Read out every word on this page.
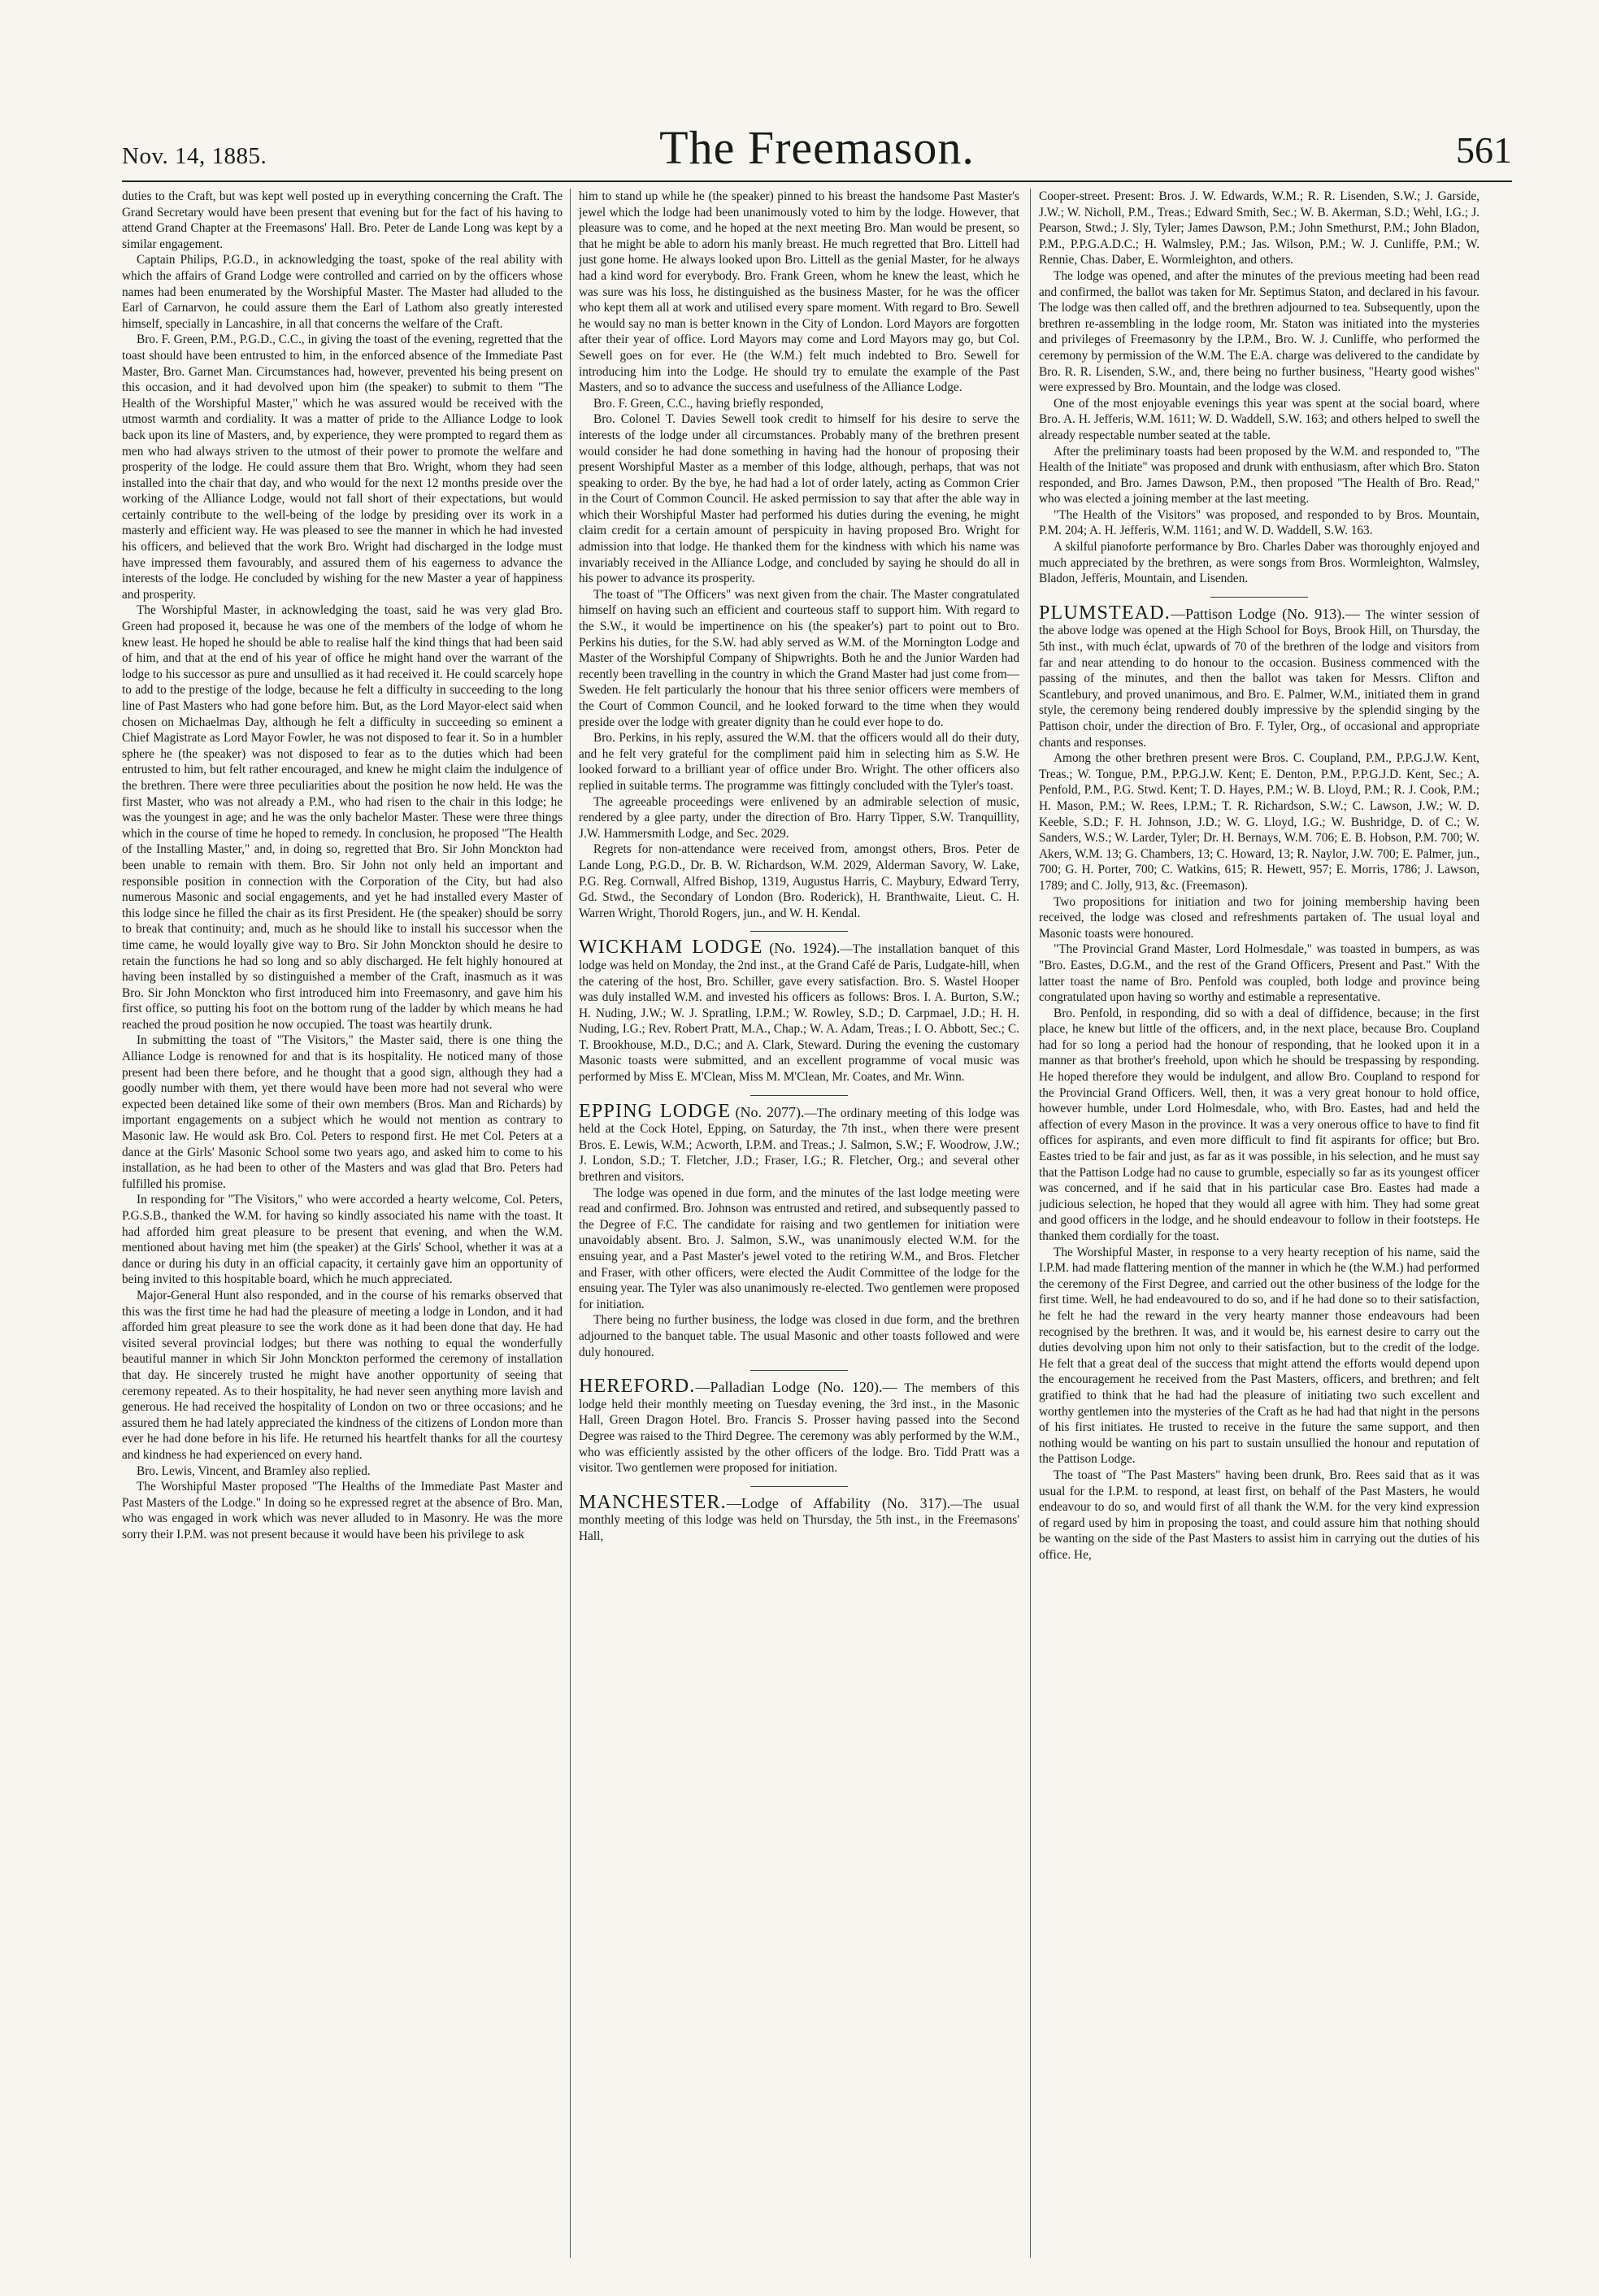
Nov. 14, 1885.	The Freemason.	561

duties to the Craft, but was kept well posted up in everything concerning the Craft. The Grand Secretary would have been present that evening but for the fact of his having to attend Grand Chapter at the Freemasons' Hall. Bro. Peter de Lande Long was kept by a similar engagement.

Captain Philips, P.G.D., in acknowledging the toast, spoke of the real ability with which the affairs of Grand Lodge were controlled and carried on by the officers whose names had been enumerated by the Worshipful Master. The Master had alluded to the Earl of Carnarvon, he could assure them the Earl of Lathom also greatly interested himself, specially in Lancashire, in all that concerns the welfare of the Craft.

Bro. F. Green, P.M., P.G.D., C.C., in giving the toast of the evening, regretted that the toast should have been entrusted to him, in the enforced absence of the Immediate Past Master, Bro. Garnet Man. Circumstances had, however, prevented his being present on this occasion, and it had devolved upon him (the speaker) to submit to them "The Health of the Worshipful Master," which he was assured would be received with the utmost warmth and cordiality. It was a matter of pride to the Alliance Lodge to look back upon its line of Masters, and, by experience, they were prompted to regard them as men who had always striven to the utmost of their power to promote the welfare and prosperity of the lodge. He could assure them that Bro. Wright, whom they had seen installed into the chair that day, and who would for the next 12 months preside over the working of the Alliance Lodge, would not fall short of their expectations, but would certainly contribute to the well-being of the lodge by presiding over its work in a masterly and efficient way. He was pleased to see the manner in which he had invested his officers, and believed that the work Bro. Wright had discharged in the lodge must have impressed them favourably, and assured them of his eagerness to advance the interests of the lodge. He concluded by wishing for the new Master a year of happiness and prosperity.

The Worshipful Master, in acknowledging the toast, said he was very glad Bro. Green had proposed it, because he was one of the members of the lodge of whom he knew least. He hoped he should be able to realise half the kind things that had been said of him, and that at the end of his year of office he might hand over the warrant of the lodge to his successor as pure and unsullied as it had received it. He could scarcely hope to add to the prestige of the lodge, because he felt a difficulty in succeeding to the long line of Past Masters who had gone before him. But, as the Lord Mayor-elect said when chosen on Michaelmas Day, although he felt a difficulty in succeeding so eminent a Chief Magistrate as Lord Mayor Fowler, he was not disposed to fear it. So in a humbler sphere he (the speaker) was not disposed to fear as to the duties which had been entrusted to him, but felt rather encouraged, and knew he might claim the indulgence of the brethren. There were three peculiarities about the position he now held. He was the first Master, who was not already a P.M., who had risen to the chair in this lodge; he was the youngest in age; and he was the only bachelor Master. These were three things which in the course of time he hoped to remedy. In conclusion, he proposed "The Health of the Installing Master," and, in doing so, regretted that Bro. Sir John Monckton had been unable to remain with them. Bro. Sir John not only held an important and responsible position in connection with the Corporation of the City, but had also numerous Masonic and social engagements, and yet he had installed every Master of this lodge since he filled the chair as its first President. He (the speaker) should be sorry to break that continuity; and, much as he should like to install his successor when the time came, he would loyally give way to Bro. Sir John Monckton should he desire to retain the functions he had so long and so ably discharged. He felt highly honoured at having been installed by so distinguished a member of the Craft, inasmuch as it was Bro. Sir John Monckton who first introduced him into Freemasonry, and gave him his first office, so putting his foot on the bottom rung of the ladder by which means he had reached the proud position he now occupied. The toast was heartily drunk.

In submitting the toast of "The Visitors," the Master said, there is one thing the Alliance Lodge is renowned for and that is its hospitality. He noticed many of those present had been there before, and he thought that a good sign, although they had a goodly number with them, yet there would have been more had not several who were expected been detained like some of their own members (Bros. Man and Richards) by important engagements on a subject which he would not mention as contrary to Masonic law. He would ask Bro. Col. Peters to respond first. He met Col. Peters at a dance at the Girls' Masonic School some two years ago, and asked him to come to his installation, as he had been to other of the Masters and was glad that Bro. Peters had fulfilled his promise.

In responding for "The Visitors," who were accorded a hearty welcome, Col. Peters, P.G.S.B., thanked the W.M. for having so kindly associated his name with the toast. It had afforded him great pleasure to be present that evening, and when the W.M. mentioned about having met him (the speaker) at the Girls' School, whether it was at a dance or during his duty in an official capacity, it certainly gave him an opportunity of being invited to this hospitable board, which he much appreciated.

Major-General Hunt also responded, and in the course of his remarks observed that this was the first time he had had the pleasure of meeting a lodge in London, and it had afforded him great pleasure to see the work done as it had been done that day. He had visited several provincial lodges; but there was nothing to equal the wonderfully beautiful manner in which Sir John Monckton performed the ceremony of installation that day. He sincerely trusted he might have another opportunity of seeing that ceremony repeated. As to their hospitality, he had never seen anything more lavish and generous. He had received the hospitality of London on two or three occasions; and he assured them he had lately appreciated the kindness of the citizens of London more than ever he had done before in his life. He returned his heartfelt thanks for all the courtesy and kindness he had experienced on every hand.

Bro. Lewis, Vincent, and Bramley also replied.

The Worshipful Master proposed "The Healths of the Immediate Past Master and Past Masters of the Lodge." In doing so he expressed regret at the absence of Bro. Man, who was engaged in work which was never alluded to in Masonry. He was the more sorry their I.P.M. was not present because it would have been his privilege to ask

him to stand up while he (the speaker) pinned to his breast the handsome Past Master's jewel which the lodge had been unanimously voted to him by the lodge. However, that pleasure was to come, and he hoped at the next meeting Bro. Man would be present, so that he might be able to adorn his manly breast. He much regretted that Bro. Littell had just gone home. He always looked upon Bro. Littell as the genial Master, for he always had a kind word for everybody. Bro. Frank Green, whom he knew the least, which he was sure was his loss, he distinguished as the business Master, for he was the officer who kept them all at work and utilised every spare moment. With regard to Bro. Sewell he would say no man is better known in the City of London. Lord Mayors are forgotten after their year of office. Lord Mayors may come and Lord Mayors may go, but Col. Sewell goes on for ever. He (the W.M.) felt much indebted to Bro. Sewell for introducing him into the Lodge. He should try to emulate the example of the Past Masters, and so to advance the success and usefulness of the Alliance Lodge.

Bro. F. Green, C.C., having briefly responded,

Bro. Colonel T. Davies Sewell took credit to himself for his desire to serve the interests of the lodge under all circumstances. Probably many of the brethren present would consider he had done something in having had the honour of proposing their present Worshipful Master as a member of this lodge, although, perhaps, that was not speaking to order. By the bye, he had had a lot of order lately, acting as Common Crier in the Court of Common Council. He asked permission to say that after the able way in which their Worshipful Master had performed his duties during the evening, he might claim credit for a certain amount of perspicuity in having proposed Bro. Wright for admission into that lodge. He thanked them for the kindness with which his name was invariably received in the Alliance Lodge, and concluded by saying he should do all in his power to advance its prosperity.

The toast of "The Officers" was next given from the chair. The Master congratulated himself on having such an efficient and courteous staff to support him. With regard to the S.W., it would be impertinence on his (the speaker's) part to point out to Bro. Perkins his duties, for the S.W. had ably served as W.M. of the Mornington Lodge and Master of the Worshipful Company of Shipwrights. Both he and the Junior Warden had recently been travelling in the country in which the Grand Master had just come from—Sweden. He felt particularly the honour that his three senior officers were members of the Court of Common Council, and he looked forward to the time when they would preside over the lodge with greater dignity than he could ever hope to do.

Bro. Perkins, in his reply, assured the W.M. that the officers would all do their duty, and he felt very grateful for the compliment paid him in selecting him as S.W. He looked forward to a brilliant year of office under Bro. Wright. The other officers also replied in suitable terms. The programme was fittingly concluded with the Tyler's toast.

The agreeable proceedings were enlivened by an admirable selection of music, rendered by a glee party, under the direction of Bro. Harry Tipper, S.W. Tranquillity, J.W. Hammersmith Lodge, and Sec. 2029.

Regrets for non-attendance were received from, amongst others, Bros. Peter de Lande Long, P.G.D., Dr. B. W. Richardson, W.M. 2029, Alderman Savory, W. Lake, P.G. Reg. Cornwall, Alfred Bishop, 1319, Augustus Harris, C. Maybury, Edward Terry, Gd. Stwd., the Secondary of London (Bro. Roderick), H. Branthwaite, Lieut. C. H. Warren Wright, Thorold Rogers, jun., and W. H. Kendal.

WICKHAM LODGE (No. 1924).—The installation banquet of this lodge was held on Monday, the 2nd inst., at the Grand Café de Paris, Ludgate-hill, when the catering of the host, Bro. Schiller, gave every satisfaction. Bro. S. Wastel Hooper was duly installed W.M. and invested his officers as follows: Bros. I. A. Burton, S.W.; H. Nuding, J.W.; W. J. Spratling, I.P.M.; W. Rowley, S.D.; D. Carpmael, J.D.; H. H. Nuding, I.G.; Rev. Robert Pratt, M.A., Chap.; W. A. Adam, Treas.; I. O. Abbott, Sec.; C. T. Brookhouse, M.D., D.C.; and A. Clark, Steward. During the evening the customary Masonic toasts were submitted, and an excellent programme of vocal music was performed by Miss E. M'Clean, Miss M. M'Clean, Mr. Coates, and Mr. Winn.

EPPING LODGE (No. 2077).—The ordinary meeting of this lodge was held at the Cock Hotel, Epping, on Saturday, the 7th inst., when there were present Bros. E. Lewis, W.M.; Acworth, I.P.M. and Treas.; J. Salmon, S.W.; F. Woodrow, J.W.; J. London, S.D.; T. Fletcher, J.D.; Fraser, I.G.; R. Fletcher, Org.; and several other brethren and visitors.

The lodge was opened in due form, and the minutes of the last lodge meeting were read and confirmed. Bro. Johnson was entrusted and retired, and subsequently passed to the Degree of F.C. The candidate for raising and two gentlemen for initiation were unavoidably absent. Bro. J. Salmon, S.W., was unanimously elected W.M. for the ensuing year, and a Past Master's jewel voted to the retiring W.M., and Bros. Fletcher and Fraser, with other officers, were elected the Audit Committee of the lodge for the ensuing year. The Tyler was also unanimously re-elected. Two gentlemen were proposed for initiation.

There being no further business, the lodge was closed in due form, and the brethren adjourned to the banquet table. The usual Masonic and other toasts followed and were duly honoured.

HEREFORD.—Palladian Lodge (No. 120).— The members of this lodge held their monthly meeting on Tuesday evening, the 3rd inst., in the Masonic Hall, Green Dragon Hotel. Bro. Francis S. Prosser having passed into the Second Degree was raised to the Third Degree. The ceremony was ably performed by the W.M., who was efficiently assisted by the other officers of the lodge. Bro. Tidd Pratt was a visitor. Two gentlemen were proposed for initiation.

MANCHESTER.—Lodge of Affability (No. 317).—The usual monthly meeting of this lodge was held on Thursday, the 5th inst., in the Freemasons' Hall,

Cooper-street. Present: Bros. J. W. Edwards, W.M.; R. R. Lisenden, S.W.; J. Garside, J.W.; W. Nicholl, P.M., Treas.; Edward Smith, Sec.; W. B. Akerman, S.D.; Wehl, I.G.; J. Pearson, Stwd.; J. Sly, Tyler; James Dawson, P.M.; John Smethurst, P.M.; John Bladon, P.M., P.P.G.A.D.C.; H. Walmsley, P.M.; Jas. Wilson, P.M.; W. J. Cunliffe, P.M.; W. Rennie, Chas. Daber, E. Wormleighton, and others.

The lodge was opened, and after the minutes of the previous meeting had been read and confirmed, the ballot was taken for Mr. Septimus Staton, and declared in his favour. The lodge was then called off, and the brethren adjourned to tea. Subsequently, upon the brethren re-assembling in the lodge room, Mr. Staton was initiated into the mysteries and privileges of Freemasonry by the I.P.M., Bro. W. J. Cunliffe, who performed the ceremony by permission of the W.M. The E.A. charge was delivered to the candidate by Bro. R. R. Lisenden, S.W., and, there being no further business, "Hearty good wishes" were expressed by Bro. Mountain, and the lodge was closed.

One of the most enjoyable evenings this year was spent at the social board, where Bro. A. H. Jefferis, W.M. 1611; W. D. Waddell, S.W. 163; and others helped to swell the already respectable number seated at the table.

After the preliminary toasts had been proposed by the W.M. and responded to, "The Health of the Initiate" was proposed and drunk with enthusiasm, after which Bro. Staton responded, and Bro. James Dawson, P.M., then proposed "The Health of Bro. Read," who was elected a joining member at the last meeting.

"The Health of the Visitors" was proposed, and responded to by Bros. Mountain, P.M. 204; A. H. Jefferis, W.M. 1161; and W. D. Waddell, S.W. 163.

A skilful pianoforte performance by Bro. Charles Daber was thoroughly enjoyed and much appreciated by the brethren, as were songs from Bros. Wormleighton, Walmsley, Bladon, Jefferis, Mountain, and Lisenden.

PLUMSTEAD.—Pattison Lodge (No. 913).— The winter session of the above lodge was opened at the High School for Boys, Brook Hill, on Thursday, the 5th inst., with much éclat, upwards of 70 of the brethren of the lodge and visitors from far and near attending to do honour to the occasion. Business commenced with the passing of the minutes, and then the ballot was taken for Messrs. Clifton and Scantlebury, and proved unanimous, and Bro. E. Palmer, W.M., initiated them in grand style, the ceremony being rendered doubly impressive by the splendid singing by the Pattison choir, under the direction of Bro. F. Tyler, Org., of occasional and appropriate chants and responses.

Among the other brethren present were Bros. C. Coupland, P.M., P.P.G.J.W. Kent, Treas.; W. Tongue, P.M., P.P.G.J.W. Kent; E. Denton, P.M., P.P.G.J.D. Kent, Sec.; A. Penfold, P.M., P.G. Stwd. Kent; T. D. Hayes, P.M.; W. B. Lloyd, P.M.; R. J. Cook, P.M.; H. Mason, P.M.; W. Rees, I.P.M.; T. R. Richardson, S.W.; C. Lawson, J.W.; W. D. Keeble, S.D.; F. H. Johnson, J.D.; W. G. Lloyd, I.G.; W. Bushridge, D. of C.; W. Sanders, W.S.; W. Larder, Tyler; Dr. H. Bernays, W.M. 706; E. B. Hobson, P.M. 700; W. Akers, W.M. 13; G. Chambers, 13; C. Howard, 13; R. Naylor, J.W. 700; E. Palmer, jun., 700; G. H. Porter, 700; C. Watkins, 615; R. Hewett, 957; E. Morris, 1786; J. Lawson, 1789; and C. Jolly, 913, &c. (Freemason).

Two propositions for initiation and two for joining membership having been received, the lodge was closed and refreshments partaken of. The usual loyal and Masonic toasts were honoured.

"The Provincial Grand Master, Lord Holmesdale," was toasted in bumpers, as was "Bro. Eastes, D.G.M., and the rest of the Grand Officers, Present and Past." With the latter toast the name of Bro. Penfold was coupled, both lodge and province being congratulated upon having so worthy and estimable a representative.

Bro. Penfold, in responding, did so with a deal of diffidence, because; in the first place, he knew but little of the officers, and, in the next place, because Bro. Coupland had for so long a period had the honour of responding, that he looked upon it in a manner as that brother's freehold, upon which he should be trespassing by responding. He hoped therefore they would be indulgent, and allow Bro. Coupland to respond for the Provincial Grand Officers. Well, then, it was a very great honour to hold office, however humble, under Lord Holmesdale, who, with Bro. Eastes, had and held the affection of every Mason in the province. It was a very onerous office to have to find fit offices for aspirants, and even more difficult to find fit aspirants for office; but Bro. Eastes tried to be fair and just, as far as it was possible, in his selection, and he must say that the Pattison Lodge had no cause to grumble, especially so far as its youngest officer was concerned, and if he said that in his particular case Bro. Eastes had made a judicious selection, he hoped that they would all agree with him. They had some great and good officers in the lodge, and he should endeavour to follow in their footsteps. He thanked them cordially for the toast.

The Worshipful Master, in response to a very hearty reception of his name, said the I.P.M. had made flattering mention of the manner in which he (the W.M.) had performed the ceremony of the First Degree, and carried out the other business of the lodge for the first time. Well, he had endeavoured to do so, and if he had done so to their satisfaction, he felt he had the reward in the very hearty manner those endeavours had been recognised by the brethren. It was, and it would be, his earnest desire to carry out the duties devolving upon him not only to their satisfaction, but to the credit of the lodge. He felt that a great deal of the success that might attend the efforts would depend upon the encouragement he received from the Past Masters, officers, and brethren; and felt gratified to think that he had had the pleasure of initiating two such excellent and worthy gentlemen into the mysteries of the Craft as he had had that night in the persons of his first initiates. He trusted to receive in the future the same support, and then nothing would be wanting on his part to sustain unsullied the honour and reputation of the Pattison Lodge.

The toast of "The Past Masters" having been drunk, Bro. Rees said that as it was usual for the I.P.M. to respond, at least first, on behalf of the Past Masters, he would endeavour to do so, and would first of all thank the W.M. for the very kind expression of regard used by him in proposing the toast, and could assure him that nothing should be wanting on the side of the Past Masters to assist him in carrying out the duties of his office. He,
